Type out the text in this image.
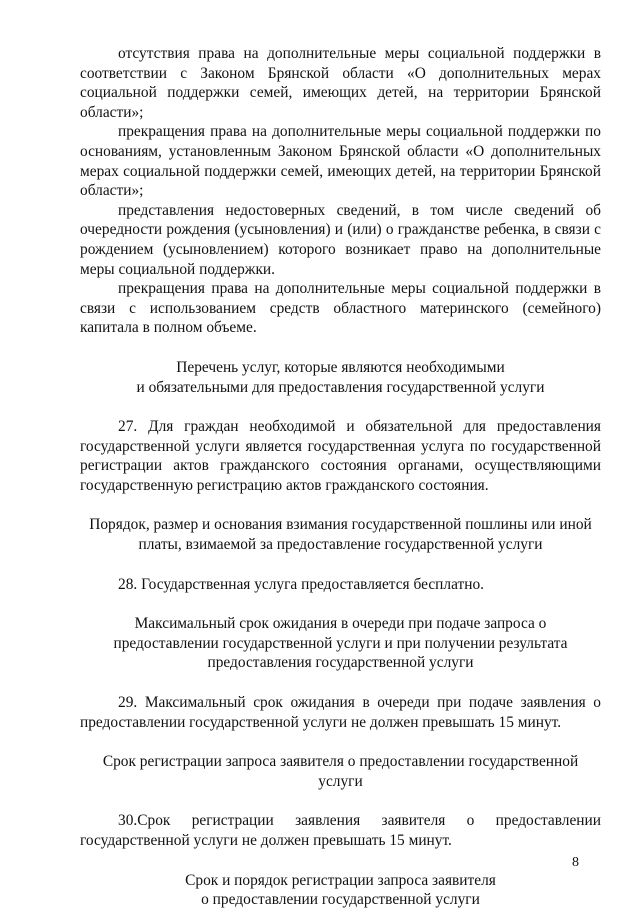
отсутствия права на дополнительные меры социальной поддержки в соответствии с Законом Брянской области «О дополнительных мерах социальной поддержки семей, имеющих детей, на территории Брянской области»;

прекращения права на дополнительные меры социальной поддержки по основаниям, установленным Законом Брянской области «О дополнительных мерах социальной поддержки семей, имеющих детей, на территории Брянской области»;

представления недостоверных сведений, в том числе сведений об очередности рождения (усыновления) и (или) о гражданстве ребенка, в связи с рождением (усыновлением) которого возникает право на дополнительные меры социальной поддержки.

прекращения права на дополнительные меры социальной поддержки в связи с использованием средств областного материнского (семейного) капитала в полном объеме.

Перечень услуг, которые являются необходимыми
и обязательными для предоставления государственной услуги

27. Для граждан необходимой и обязательной для предоставления государственной услуги является государственная услуга по государственной регистрации актов гражданского состояния органами, осуществляющими государственную регистрацию актов гражданского состояния.

Порядок, размер и основания взимания государственной пошлины или иной
платы, взимаемой за предоставление государственной услуги

28. Государственная услуга предоставляется бесплатно.

Максимальный срок ожидания в очереди при подаче запроса о
предоставлении государственной услуги и при получении результата
предоставления государственной услуги

29. Максимальный срок ожидания в очереди при подаче заявления о предоставлении государственной услуги не должен превышать 15 минут.

Срок регистрации запроса заявителя о предоставлении государственной
услуги

30.Срок регистрации заявления заявителя о предоставлении государственной услуги не должен превышать 15 минут.

Срок и порядок регистрации запроса заявителя
о предоставлении государственной услуги
8
